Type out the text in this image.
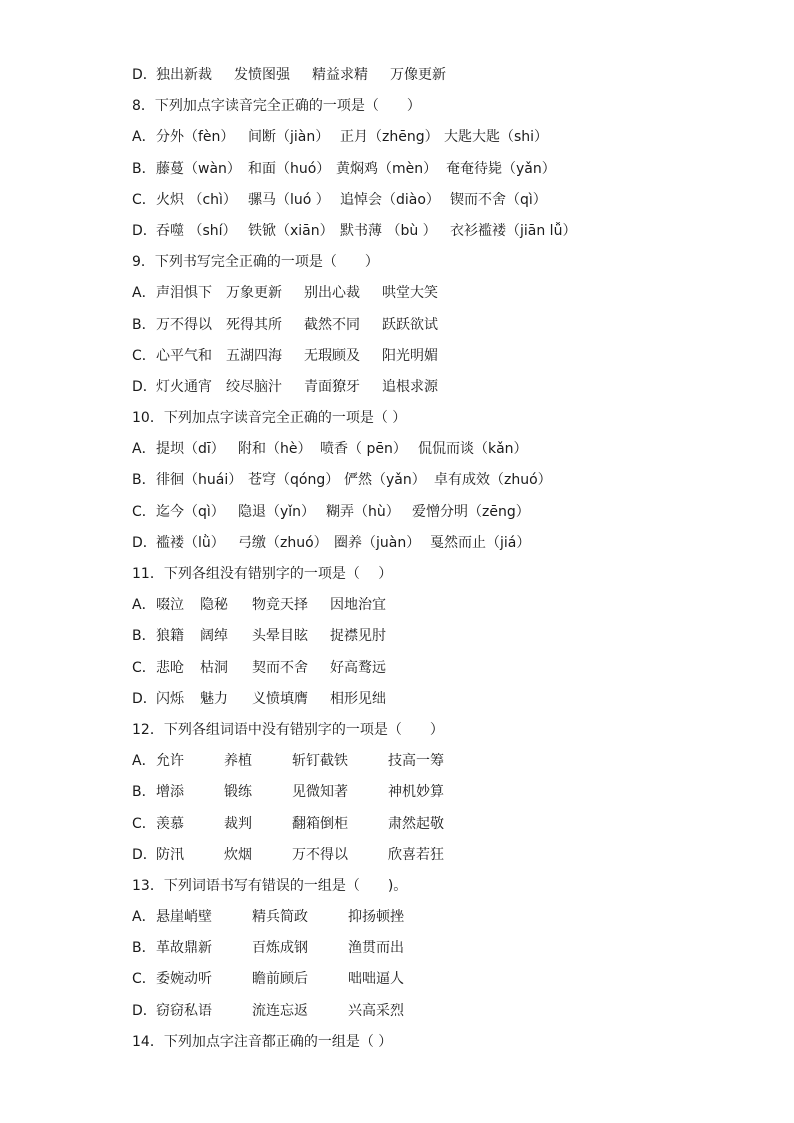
D．独出新裁 发愤图强 精益求精 万像更新
8．下列加点字读音完全正确的一项是（　　）
A．分外（fèn） 间断（jiàn） 正月（zhēng） 大匙大匙（shi）
B．藤蔓（wàn） 和面（huó） 黄焖鸡（mèn） 奄奄待毙（yǎn）
C．火炽 （chì） 骡马（luó ） 追悼会（diào） 锲而不舍（qì）
D．吞噬 （shí） 铁锨（xiān） 默书薄 （bù ） 衣衫褴褛（jiān lǚ）
9．下列书写完全正确的一项是（　　）
A．声泪惧下 万象更新 别出心裁 哄堂大笑
B．万不得以 死得其所 截然不同 跃跃欲试
C．心平气和 五湖四海 无瑕顾及 阳光明媚
D．灯火通宵 绞尽脑汁 青面獠牙 追根求源
10．下列加点字读音完全正确的一项是（ ）
A．提坝（dī） 附和（hè） 喷香（ pēn） 侃侃而谈（kǎn）
B．徘徊（huái） 苍穹（qóng） 俨然（yǎn） 卓有成效（zhuó）
C．迄今（qì） 隐退（yǐn） 糊弄（hù） 爱憎分明（zēng）
D．褴褛（lǜ） 弓缴（zhuó） 圈养（juàn） 戛然而止（jiá）
11．下列各组没有错别字的一项是（　 ）
A．啜泣 隐秘 物竞天择 因地治宜
B．狼籍 阔绰 头晕目眩 捉襟见肘
C．悲呛 枯洞 契而不舍 好高鹜远
D．闪烁 魅力 义愤填膺 相形见绌
12．下列各组词语中没有错别字的一项是（　　）
A．允许	养植	斩钉截铁	技高一筹
B．增添	锻练	见微知著	神机妙算
C．羡慕	裁判	翻箱倒柜	肃然起敬
D．防汛	炊烟	万不得以	欣喜若狂
13．下列词语书写有错误的一组是（　　)。
A．悬崖峭壁	精兵简政	抑扬顿挫
B．革故鼎新	百炼成钢	渔贯而出
C．委婉动听	瞻前顾后	咄咄逼人
D．窃窃私语	流连忘返	兴高采烈
14．下列加点字注音都正确的一组是（ ）
